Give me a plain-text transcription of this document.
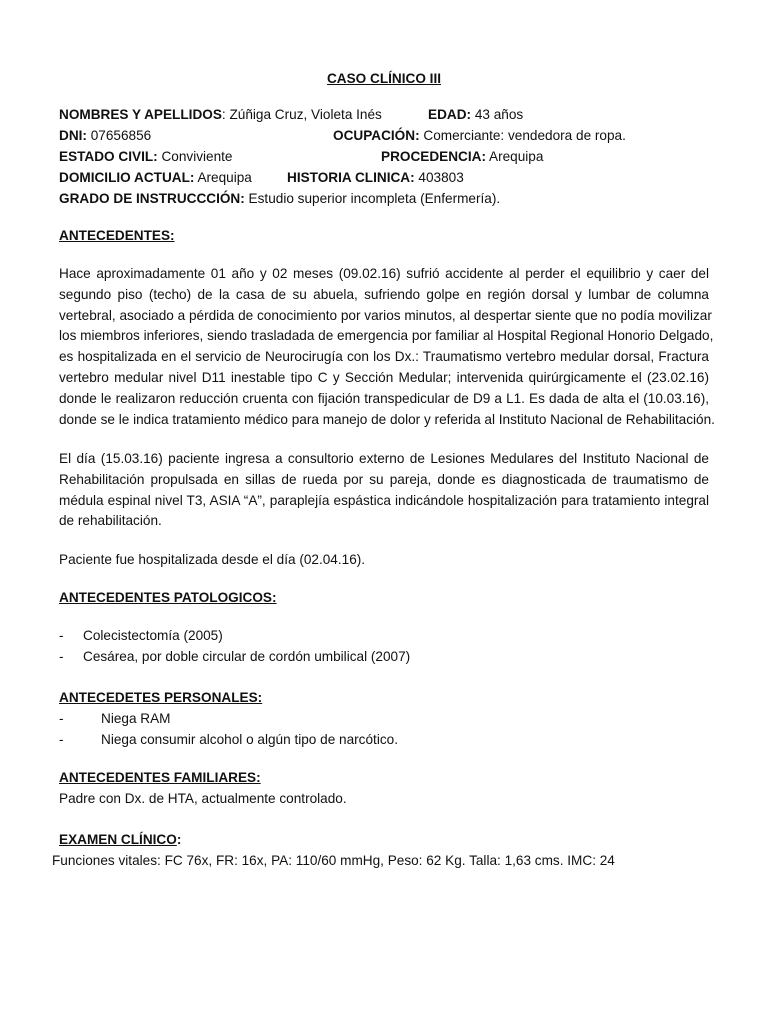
CASO CLÍNICO III
NOMBRES Y APELLIDOS: Zúñiga Cruz, Violeta Inés	EDAD: 43 años
DNI: 07656856	OCUPACIÓN: Comerciante: vendedora de ropa.
ESTADO CIVIL: Conviviente	PROCEDENCIA: Arequipa
DOMICILIO ACTUAL: Arequipa	HISTORIA CLINICA: 403803
GRADO DE INSTRUCCCIÓN: Estudio superior incompleta (Enfermería).
ANTECEDENTES:
Hace aproximadamente 01 año y 02 meses (09.02.16) sufrió accidente al perder el equilibrio y caer del
segundo piso (techo) de la casa de su abuela, sufriendo golpe en región dorsal y lumbar de columna
vertebral, asociado a pérdida de conocimiento por varios minutos, al despertar siente que no podía movilizar
los miembros inferiores, siendo trasladada de emergencia por familiar al Hospital Regional Honorio Delgado,
es hospitalizada en el servicio de Neurocirugía con los Dx.: Traumatismo vertebro medular dorsal, Fractura
vertebro medular nivel D11 inestable tipo C y Sección Medular; intervenida quirúrgicamente el (23.02.16)
donde le realizaron reducción cruenta con fijación transpedicular de D9 a L1. Es dada de alta el (10.03.16),
donde se le indica tratamiento médico para manejo de dolor y referida al Instituto Nacional de Rehabilitación.
El día (15.03.16) paciente ingresa a consultorio externo de Lesiones Medulares del Instituto Nacional de
Rehabilitación propulsada en sillas de rueda por su pareja, donde es diagnosticada de traumatismo de
médula espinal nivel T3, ASIA “A”, paraplejía espástica indicándole hospitalización para tratamiento integral
de rehabilitación.
Paciente fue hospitalizada desde el día (02.04.16).
ANTECEDENTES PATOLOGICOS:
- Colecistectomía (2005)
- Cesárea, por doble circular de cordón umbilical (2007)
ANTECEDETES PERSONALES:
-	Niega RAM
-	Niega consumir alcohol o algún tipo de narcótico.
ANTECEDENTES FAMILIARES:
Padre con Dx. de HTA, actualmente controlado.
EXAMEN CLÍNICO:
Funciones vitales: FC 76x, FR: 16x, PA: 110/60 mmHg, Peso: 62 Kg. Talla: 1,63 cms. IMC: 24
